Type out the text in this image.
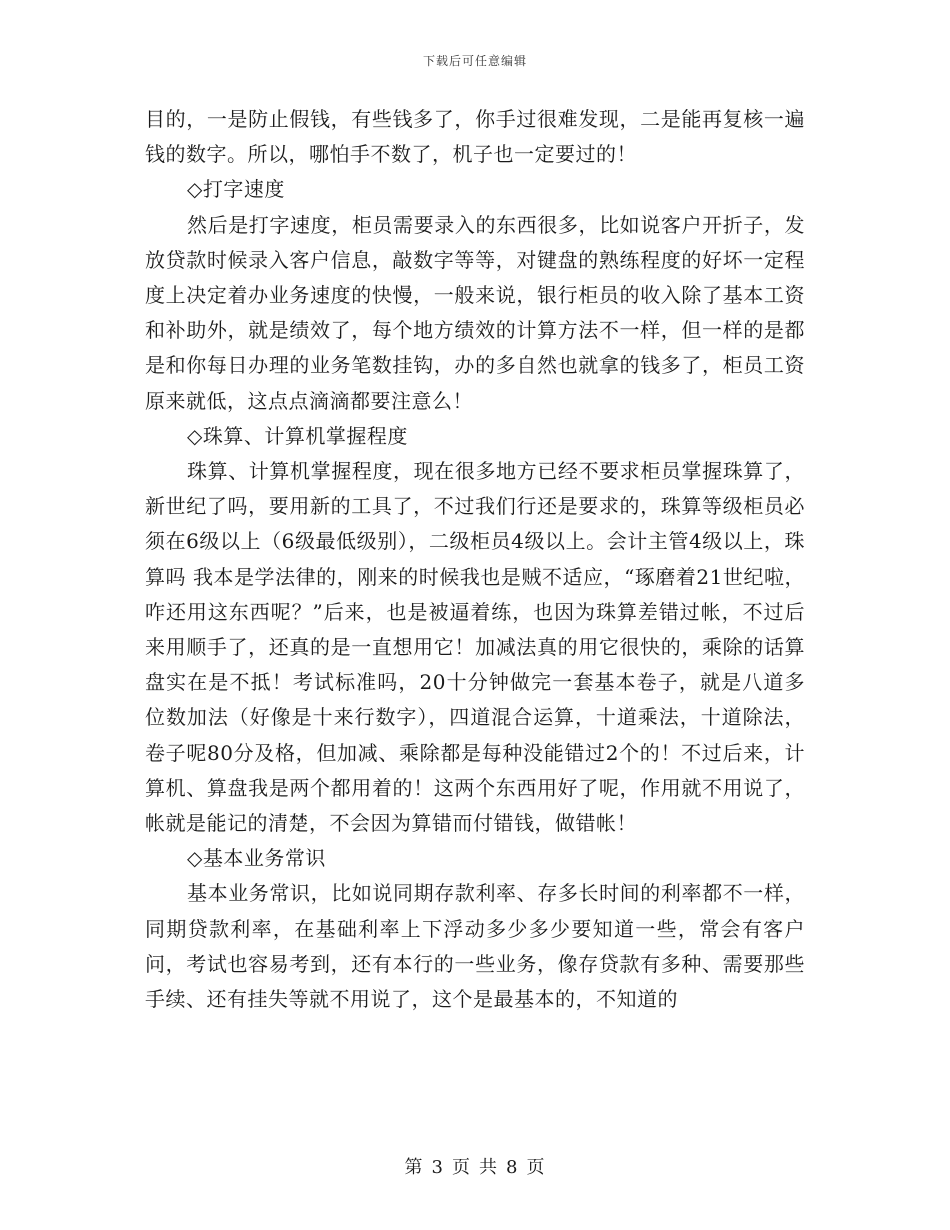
下载后可任意编辑

目的，一是防止假钱，有些钱多了，你手过很难发现，二是能再复核一遍钱的数字。所以，哪怕手不数了，机子也一定要过的！

◇打字速度

然后是打字速度，柜员需要录入的东西很多，比如说客户开折子，发放贷款时候录入客户信息，敲数字等等，对键盘的熟练程度的好坏一定程度上决定着办业务速度的快慢，一般来说，银行柜员的收入除了基本工资和补助外，就是绩效了，每个地方绩效的计算方法不一样，但一样的是都是和你每日办理的业务笔数挂钩，办的多自然也就拿的钱多了，柜员工资原来就低，这点点滴滴都要注意么！

◇珠算、计算机掌握程度

珠算、计算机掌握程度，现在很多地方已经不要求柜员掌握珠算了，新世纪了吗，要用新的工具了，不过我们行还是要求的，珠算等级柜员必须在6级以上（6级最低级别），二级柜员4级以上。会计主管4级以上，珠算吗 我本是学法律的，刚来的时候我也是贼不适应，“琢磨着21世纪啦，咋还用这东西呢？”后来，也是被逼着练，也因为珠算差错过帐，不过后来用顺手了，还真的是一直想用它！加减法真的用它很快的，乘除的话算盘实在是不抵！考试标准吗，20十分钟做完一套基本卷子，就是八道多位数加法（好像是十来行数字），四道混合运算，十道乘法，十道除法，卷子呢80分及格，但加减、乘除都是每种没能错过2个的！不过后来，计算机、算盘我是两个都用着的！这两个东西用好了呢，作用就不用说了，帐就是能记的清楚，不会因为算错而付错钱，做错帐！

◇基本业务常识

基本业务常识，比如说同期存款利率、存多长时间的利率都不一样，同期贷款利率，在基础利率上下浮动多少多少要知道一些，常会有客户问，考试也容易考到，还有本行的一些业务，像存贷款有多种、需要那些手续、还有挂失等就不用说了，这个是最基本的，不知道的

第 3 页 共 8 页
